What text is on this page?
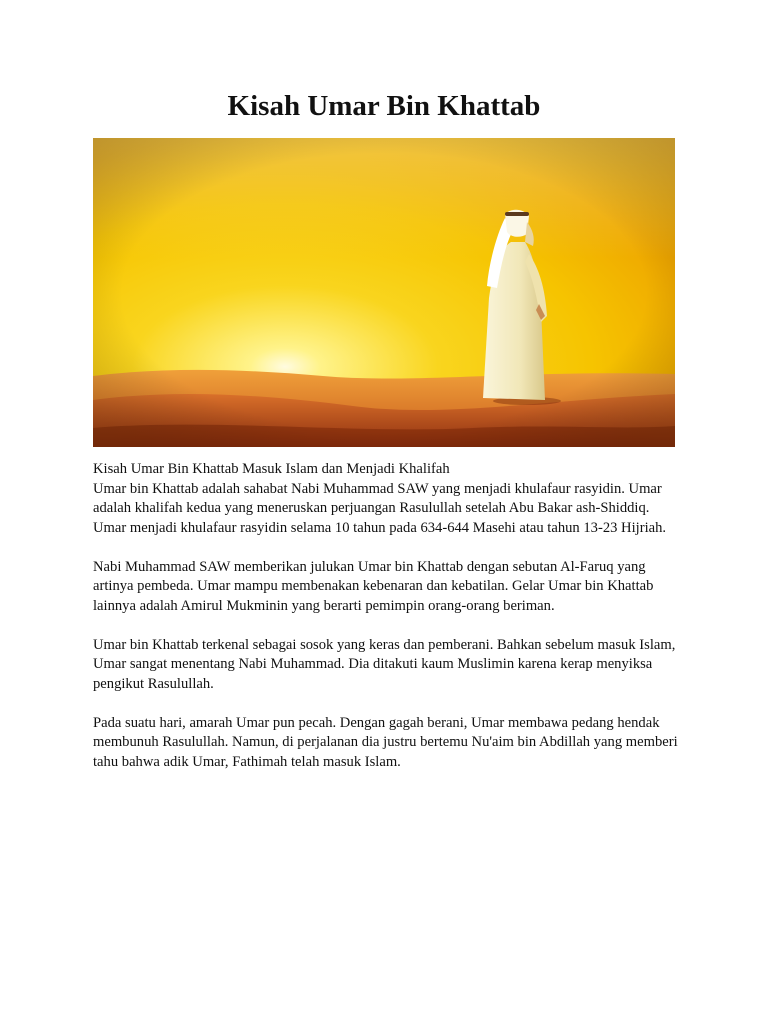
Kisah Umar Bin Khattab

Kisah Umar Bin Khattab Masuk Islam dan Menjadi Khalifah

Umar bin Khattab adalah sahabat Nabi Muhammad SAW yang menjadi khulafaur rasyidin. Umar adalah khalifah kedua yang meneruskan perjuangan Rasulullah setelah Abu Bakar ash-Shiddiq. Umar menjadi khulafaur rasyidin selama 10 tahun pada 634-644 Masehi atau tahun 13-23 Hijriah.

Nabi Muhammad SAW memberikan julukan Umar bin Khattab dengan sebutan Al-Faruq yang artinya pembeda. Umar mampu membenakan kebenaran dan kebatilan. Gelar Umar bin Khattab lainnya adalah Amirul Mukminin yang berarti pemimpin orang-orang beriman.

Umar bin Khattab terkenal sebagai sosok yang keras dan pemberani. Bahkan sebelum masuk Islam, Umar sangat menentang Nabi Muhammad. Dia ditakuti kaum Muslimin karena kerap menyiksa pengikut Rasulullah.

Pada suatu hari, amarah Umar pun pecah. Dengan gagah berani, Umar membawa pedang hendak membunuh Rasulullah. Namun, di perjalanan dia justru bertemu Nu'aim bin Abdillah yang memberi tahu bahwa adik Umar, Fathimah telah masuk Islam.
